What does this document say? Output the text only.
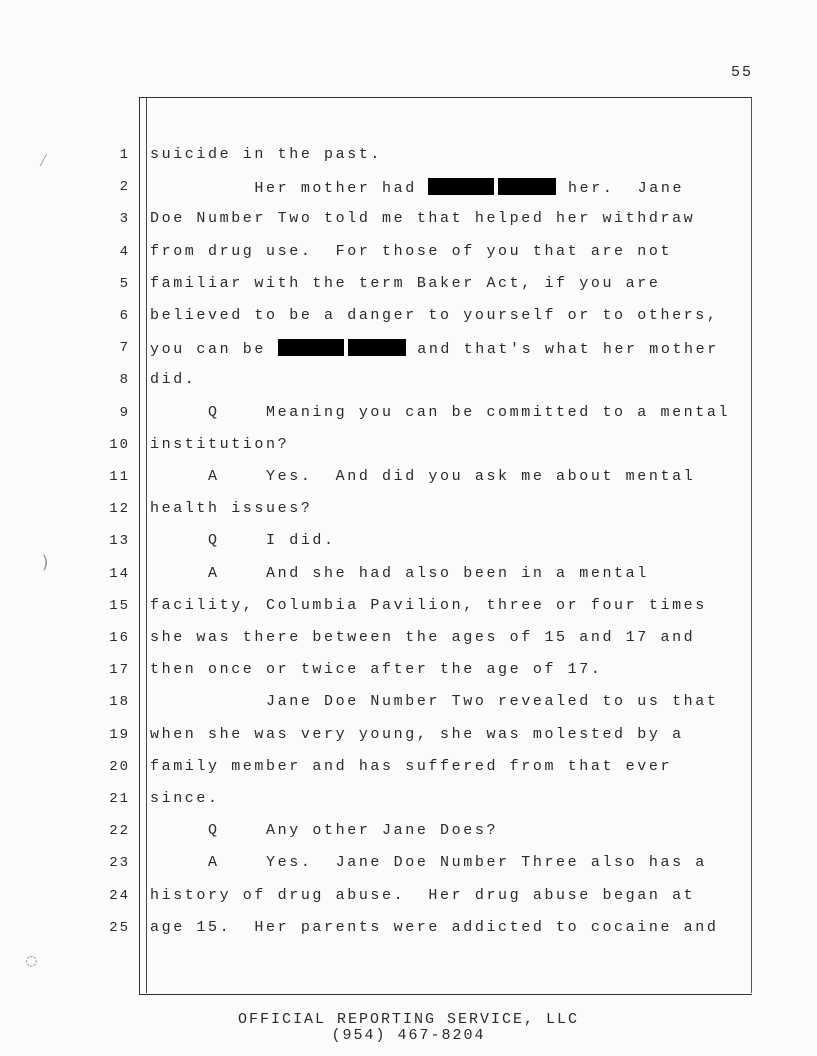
55
1 suicide in the past.
2 Her mother had	her.  Jane
3 Doe Number Two told me that helped her withdraw
4 from drug use.  For those of you that are not
5 familiar with the term Baker Act, if you are
6 believed to be a danger to yourself or to others,
7 you can be	and that's what her mother
8 did.
9 Q    Meaning you can be committed to a mental
10 institution?
11 A    Yes.  And did you ask me about mental
12 health issues?
13 Q    I did.
14 A    And she had also been in a mental
15 facility, Columbia Pavilion, three or four times
16 she was there between the ages of 15 and 17 and
17 then once or twice after the age of 17.
18 Jane Doe Number Two revealed to us that
19 when she was very young, she was molested by a
20 family member and has suffered from that ever
21 since.
22 Q    Any other Jane Does?
23 A    Yes.  Jane Doe Number Three also has a
24 history of drug abuse.  Her drug abuse began at
25 age 15.  Her parents were addicted to cocaine and
OFFICIAL REPORTING SERVICE, LLC
(954) 467-8204
⁄
)
◌
